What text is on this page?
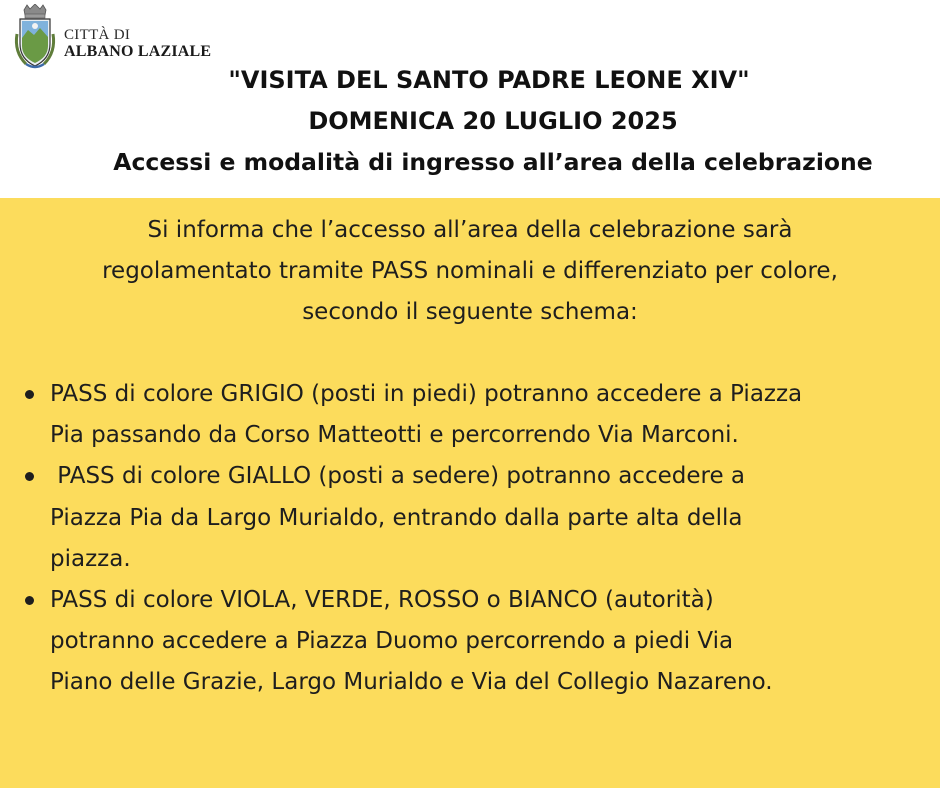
CITTÀ DI
ALBANO LAZIALE
"VISITA DEL SANTO PADRE LEONE XIV"
DOMENICA 20 LUGLIO 2025
Accessi e modalità di ingresso all’area della celebrazione
Si informa che l’accesso all’area della celebrazione sarà
regolamentato tramite PASS nominali e differenziato per colore,
secondo il seguente schema:
PASS di colore GRIGIO (posti in piedi) potranno accedere a Piazza
Pia passando da Corso Matteotti e percorrendo Via Marconi.
PASS di colore GIALLO (posti a sedere) potranno accedere a
Piazza Pia da Largo Murialdo, entrando dalla parte alta della
piazza.
PASS di colore VIOLA, VERDE, ROSSO o BIANCO (autorità)
potranno accedere a Piazza Duomo percorrendo a piedi Via
Piano delle Grazie, Largo Murialdo e Via del Collegio Nazareno.
